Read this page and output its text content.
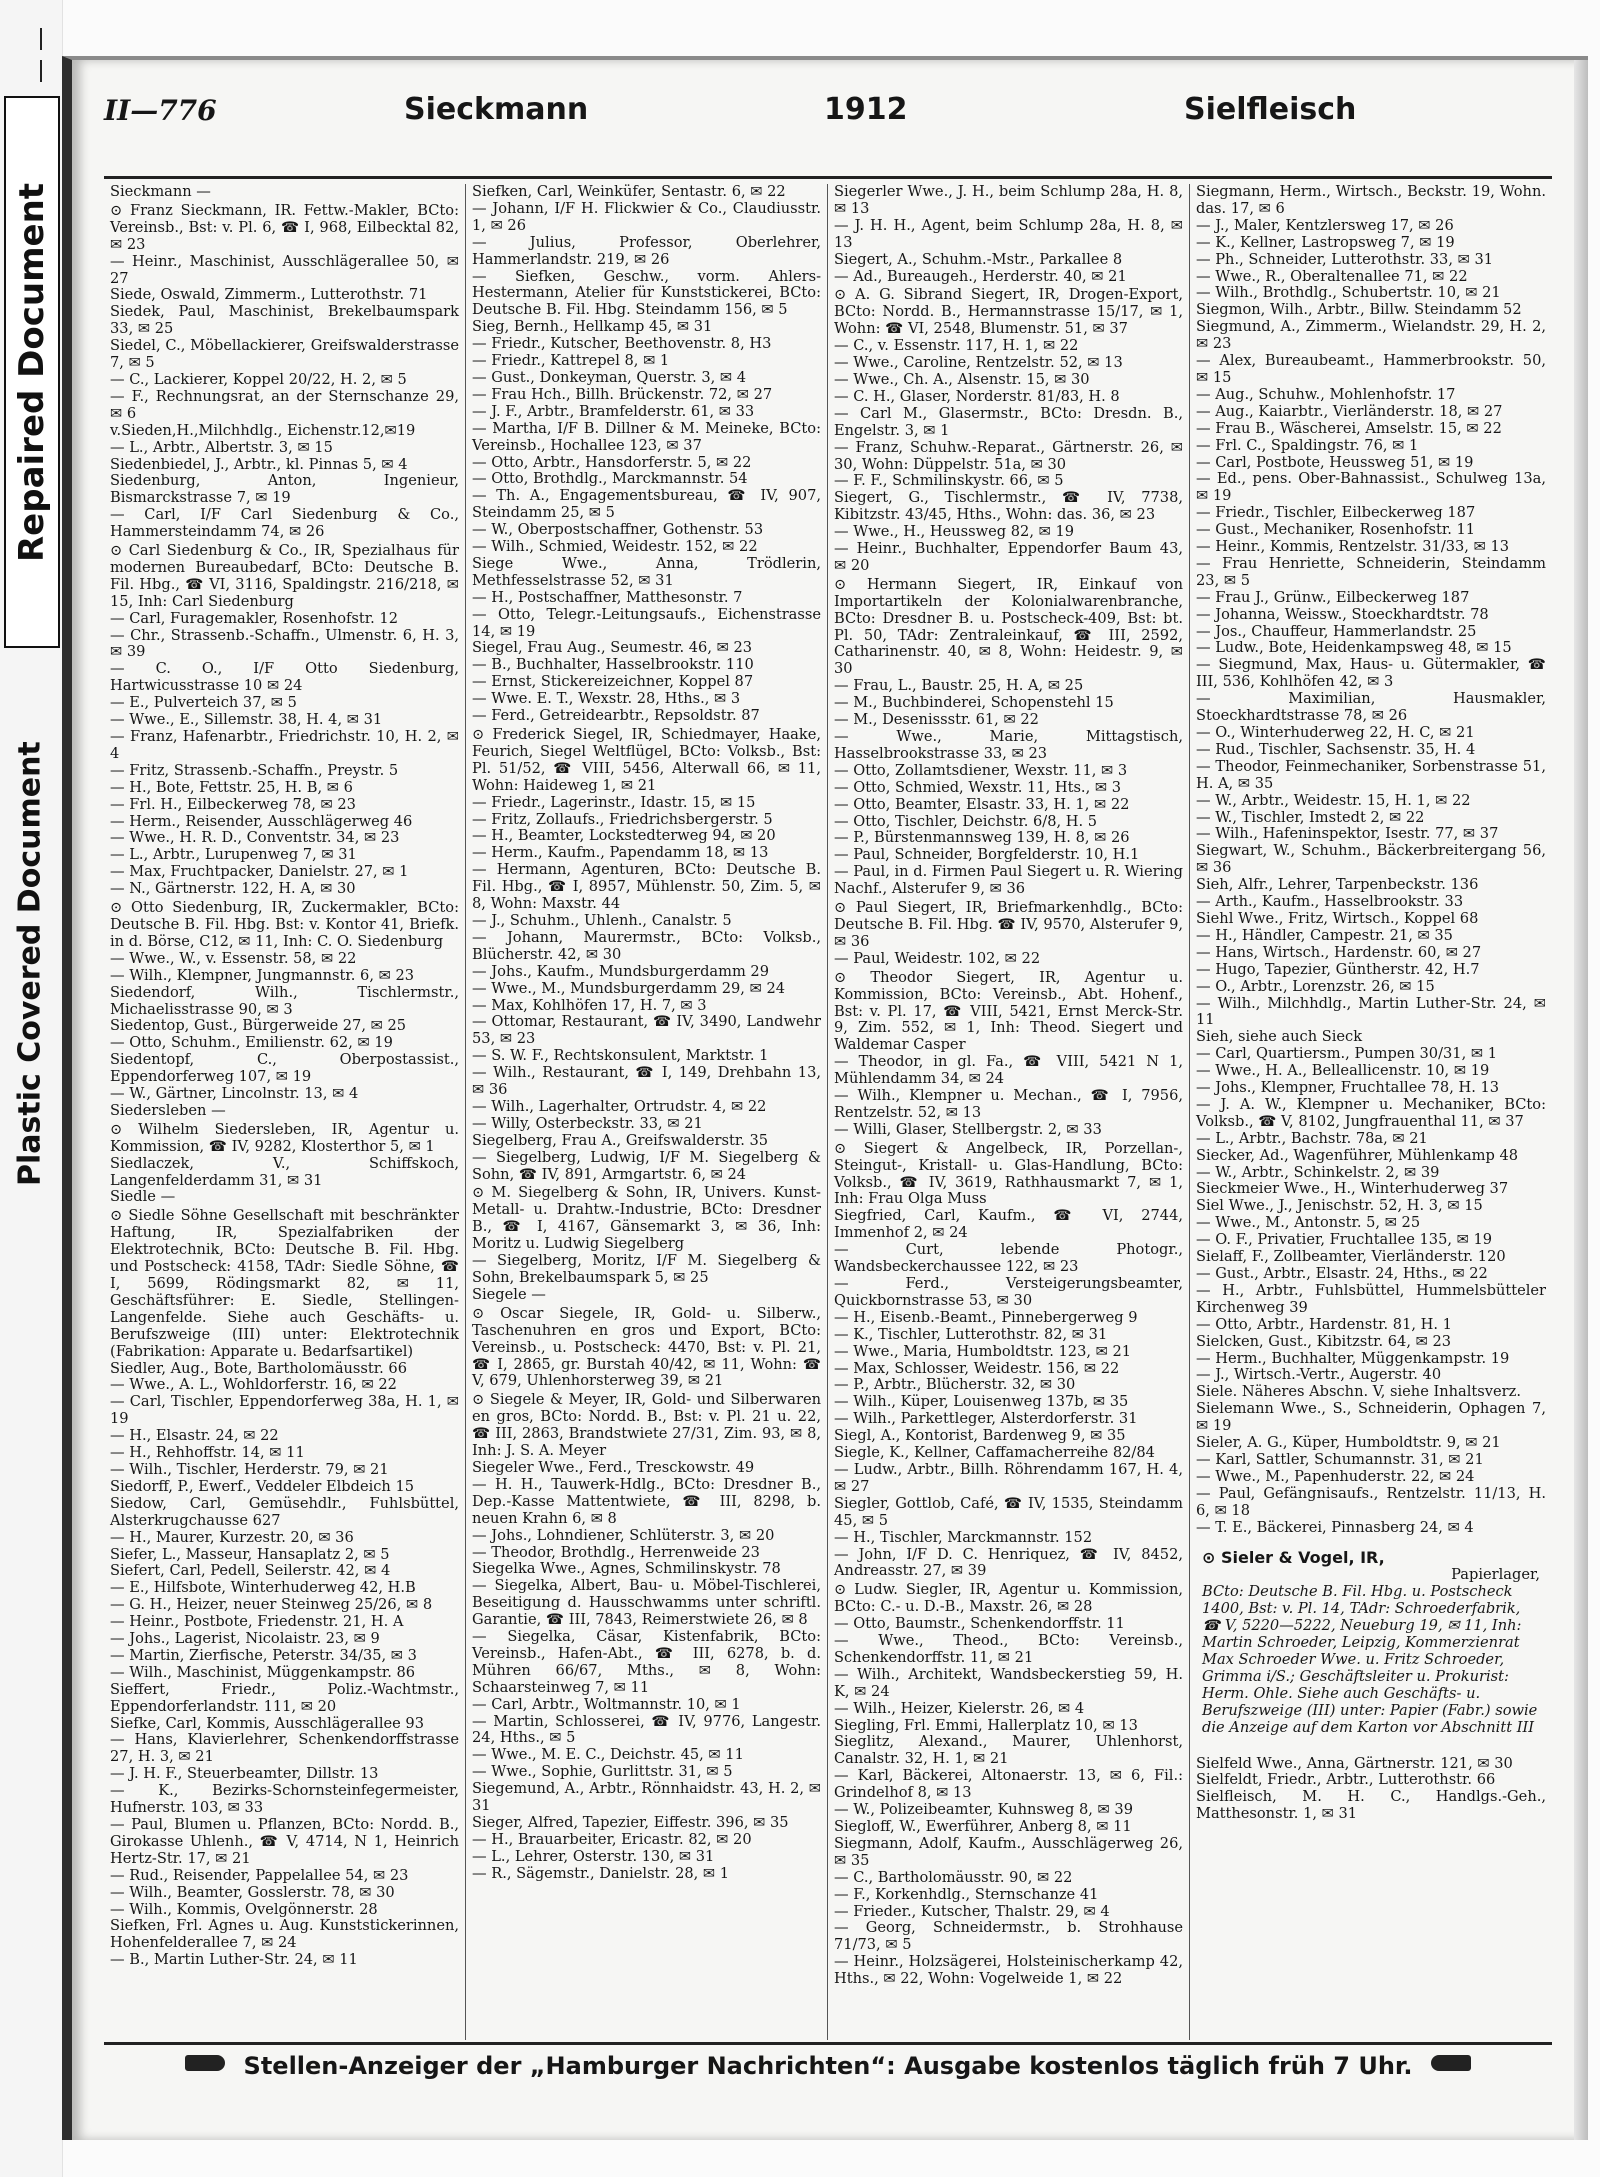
Repaired Document
Plastic Covered Document
II—776	Sieckmann	1912	Sielfleisch

Sieckmann —

⊙ Franz Sieckmann, IR. Fettw.-Makler, BCto: Vereinsb., Bst: v. Pl. 6, ☎ I, 968, Eilbecktal 82, ✉ 23

— Heinr., Maschinist, Ausschlägerallee 50, ✉ 27

Siede, Oswald, Zimmerm., Lutterothstr. 71

Siedek, Paul, Maschinist, Brekelbaumspark 33, ✉ 25

Siedel, C., Möbellackierer, Greifswalderstrasse 7, ✉ 5

— C., Lackierer, Koppel 20/22, H. 2, ✉ 5

— F., Rechnungsrat, an der Sternschanze 29, ✉ 6

v.Sieden,H.,Milchhdlg., Eichenstr.12,✉19

— L., Arbtr., Albertstr. 3, ✉ 15

Siedenbiedel, J., Arbtr., kl. Pinnas 5, ✉ 4

Siedenburg, Anton, Ingenieur, Bismarckstrasse 7, ✉ 19

— Carl, I/F Carl Siedenburg & Co., Hammersteindamm 74, ✉ 26

⊙ Carl Siedenburg & Co., IR, Spezialhaus für modernen Bureaubedarf, BCto: Deutsche B. Fil. Hbg., ☎ VI, 3116, Spaldingstr. 216/218, ✉ 15, Inh: Carl Siedenburg

— Carl, Furagemakler, Rosenhofstr. 12

— Chr., Strassenb.-Schaffn., Ulmenstr. 6, H. 3, ✉ 39

— C. O., I/F Otto Siedenburg, Hartwicusstrasse 10 ✉ 24

— E., Pulverteich 37, ✉ 5

— Wwe., E., Sillemstr. 38, H. 4, ✉ 31

— Franz, Hafenarbtr., Friedrichstr. 10, H. 2, ✉ 4

— Fritz, Strassenb.-Schaffn., Preystr. 5

— H., Bote, Fettstr. 25, H. B, ✉ 6

— Frl. H., Eilbeckerweg 78, ✉ 23

— Herm., Reisender, Ausschlägerweg 46

— Wwe., H. R. D., Conventstr. 34, ✉ 23

— L., Arbtr., Lurupenweg 7, ✉ 31

— Max, Fruchtpacker, Danielstr. 27, ✉ 1

— N., Gärtnerstr. 122, H. A, ✉ 30

⊙ Otto Siedenburg, IR, Zuckermakler, BCto: Deutsche B. Fil. Hbg. Bst: v. Kontor 41, Briefk. in d. Börse, C12, ✉ 11, Inh: C. O. Siedenburg

— Wwe., W., v. Essenstr. 58, ✉ 22

— Wilh., Klempner, Jungmannstr. 6, ✉ 23

Siedendorf, Wilh., Tischlermstr., Michaelisstrasse 90, ✉ 3

Siedentop, Gust., Bürgerweide 27, ✉ 25

— Otto, Schuhm., Emilienstr. 62, ✉ 19

Siedentopf, C., Oberpostassist., Eppendorferweg 107, ✉ 19

— W., Gärtner, Lincolnstr. 13, ✉ 4

Siedersleben —

⊙ Wilhelm Siedersleben, IR, Agentur u. Kommission, ☎ IV, 9282, Klosterthor 5, ✉ 1

Siedlaczek, V., Schiffskoch, Langenfelderdamm 31, ✉ 31

Siedle —

⊙ Siedle Söhne Gesellschaft mit beschränkter Haftung, IR, Spezialfabriken der Elektrotechnik, BCto: Deutsche B. Fil. Hbg. und Postscheck: 4158, TAdr: Siedle Söhne, ☎ I, 5699, Rödingsmarkt 82, ✉ 11, Geschäftsführer: E. Siedle, Stellingen-Langenfelde. Siehe auch Geschäfts- u. Berufszweige (III) unter: Elektrotechnik (Fabrikation: Apparate u. Bedarfsartikel)

Siedler, Aug., Bote, Bartholomäusstr. 66

— Wwe., A. L., Wohldorferstr. 16, ✉ 22

— Carl, Tischler, Eppendorferweg 38a, H. 1, ✉ 19

— H., Elsastr. 24, ✉ 22

— H., Rehhoffstr. 14, ✉ 11

— Wilh., Tischler, Herderstr. 79, ✉ 21

Siedorff, P., Ewerf., Veddeler Elbdeich 15

Siedow, Carl, Gemüsehdlr., Fuhlsbüttel, Alsterkrugchausse 627

— H., Maurer, Kurzestr. 20, ✉ 36

Siefer, L., Masseur, Hansaplatz 2, ✉ 5

Siefert, Carl, Pedell, Seilerstr. 42, ✉ 4

— E., Hilfsbote, Winterhuderweg 42, H.B

— G. H., Heizer, neuer Steinweg 25/26, ✉ 8

— Heinr., Postbote, Friedenstr. 21, H. A

— Johs., Lagerist, Nicolaistr. 23, ✉ 9

— Martin, Zierfische, Peterstr. 34/35, ✉ 3

— Wilh., Maschinist, Müggenkampstr. 86

Sieffert, Friedr., Poliz.-Wachtmstr., Eppendorferlandstr. 111, ✉ 20

Siefke, Carl, Kommis, Ausschlägerallee 93

— Hans, Klavierlehrer, Schenkendorffstrasse 27, H. 3, ✉ 21

— J. H. F., Steuerbeamter, Dillstr. 13

— K., Bezirks-Schornsteinfegermeister, Hufnerstr. 103, ✉ 33

— Paul, Blumen u. Pflanzen, BCto: Nordd. B., Girokasse Uhlenh., ☎ V, 4714, N 1, Heinrich Hertz-Str. 17, ✉ 21

— Rud., Reisender, Pappelallee 54, ✉ 23

— Wilh., Beamter, Gosslerstr. 78, ✉ 30

— Wilh., Kommis, Ovelgönnerstr. 28

Siefken, Frl. Agnes u. Aug. Kunststickerinnen, Hohenfelderallee 7, ✉ 24

— B., Martin Luther-Str. 24, ✉ 11

Siefken, Carl, Weinküfer, Sentastr. 6, ✉ 22

— Johann, I/F H. Flickwier & Co., Claudiusstr. 1, ✉ 26

— Julius, Professor, Oberlehrer, Hammerlandstr. 219, ✉ 26

— Siefken, Geschw., vorm. Ahlers-Hestermann, Atelier für Kunststickerei, BCto: Deutsche B. Fil. Hbg. Steindamm 156, ✉ 5

Sieg, Bernh., Hellkamp 45, ✉ 31

— Friedr., Kutscher, Beethovenstr. 8, H3

— Friedr., Kattrepel 8, ✉ 1

— Gust., Donkeyman, Querstr. 3, ✉ 4

— Frau Hch., Billh. Brückenstr. 72, ✉ 27

— J. F., Arbtr., Bramfelderstr. 61, ✉ 33

— Martha, I/F B. Dillner & M. Meineke, BCto: Vereinsb., Hochallee 123, ✉ 37

— Otto, Arbtr., Hansdorferstr. 5, ✉ 22

— Otto, Brothdlg., Marckmannstr. 54

— Th. A., Engagementsbureau, ☎ IV, 907, Steindamm 25, ✉ 5

— W., Oberpostschaffner, Gothenstr. 53

— Wilh., Schmied, Weidestr. 152, ✉ 22

Siege Wwe., Anna, Trödlerin, Methfesselstrasse 52, ✉ 31

— H., Postschaffner, Matthesonstr. 7

— Otto, Telegr.-Leitungsaufs., Eichenstrasse 14, ✉ 19

Siegel, Frau Aug., Seumestr. 46, ✉ 23

— B., Buchhalter, Hasselbrookstr. 110

— Ernst, Stickereizeichner, Koppel 87

— Wwe. E. T., Wexstr. 28, Hths., ✉ 3

— Ferd., Getreidearbtr., Repsoldstr. 87

⊙ Frederick Siegel, IR, Schiedmayer, Haake, Feurich, Siegel Weltflügel, BCto: Volksb., Bst: Pl. 51/52, ☎ VIII, 5456, Alterwall 66, ✉ 11, Wohn: Haideweg 1, ✉ 21

— Friedr., Lagerinstr., Idastr. 15, ✉ 15

— Fritz, Zollaufs., Friedrichsbergerstr. 5

— H., Beamter, Lockstedterweg 94, ✉ 20

— Herm., Kaufm., Papendamm 18, ✉ 13

— Hermann, Agenturen, BCto: Deutsche B. Fil. Hbg., ☎ I, 8957, Mühlenstr. 50, Zim. 5, ✉ 8, Wohn: Maxstr. 44

— J., Schuhm., Uhlenh., Canalstr. 5

— Johann, Maurermstr., BCto: Volksb., Blücherstr. 42, ✉ 30

— Johs., Kaufm., Mundsburgerdamm 29

— Wwe., M., Mundsburgerdamm 29, ✉ 24

— Max, Kohlhöfen 17, H. 7, ✉ 3

— Ottomar, Restaurant, ☎ IV, 3490, Landwehr 53, ✉ 23

— S. W. F., Rechtskonsulent, Marktstr. 1

— Wilh., Restaurant, ☎ I, 149, Drehbahn 13, ✉ 36

— Wilh., Lagerhalter, Ortrudstr. 4, ✉ 22

— Willy, Osterbeckstr. 33, ✉ 21

Siegelberg, Frau A., Greifswalderstr. 35

— Siegelberg, Ludwig, I/F M. Siegelberg & Sohn, ☎ IV, 891, Armgartstr. 6, ✉ 24

⊙ M. Siegelberg & Sohn, IR, Univers. Kunst-Metall- u. Drahtw.-Industrie, BCto: Dresdner B., ☎ I, 4167, Gänsemarkt 3, ✉ 36, Inh: Moritz u. Ludwig Siegelberg

— Siegelberg, Moritz, I/F M. Siegelberg & Sohn, Brekelbaumspark 5, ✉ 25

Siegele —

⊙ Oscar Siegele, IR, Gold- u. Silberw., Taschenuhren en gros und Export, BCto: Vereinsb., u. Postscheck: 4470, Bst: v. Pl. 21, ☎ I, 2865, gr. Burstah 40/42, ✉ 11, Wohn: ☎ V, 679, Uhlenhorsterweg 39, ✉ 21

⊙ Siegele & Meyer, IR, Gold- und Silberwaren en gros, BCto: Nordd. B., Bst: v. Pl. 21 u. 22, ☎ III, 2863, Brandstwiete 27/31, Zim. 93, ✉ 8, Inh: J. S. A. Meyer

Siegeler Wwe., Ferd., Tresckowstr. 49

— H. H., Tauwerk-Hdlg., BCto: Dresdner B., Dep.-Kasse Mattentwiete, ☎ III, 8298, b. neuen Krahn 6, ✉ 8

— Johs., Lohndiener, Schlüterstr. 3, ✉ 20

— Theodor, Brothdlg., Herrenweide 23

Siegelka Wwe., Agnes, Schmilinskystr. 78

— Siegelka, Albert, Bau- u. Möbel-Tischlerei, Beseitigung d. Hausschwamms unter schriftl. Garantie, ☎ III, 7843, Reimerstwiete 26, ✉ 8

— Siegelka, Cäsar, Kistenfabrik, BCto: Vereinsb., Hafen-Abt., ☎ III, 6278, b. d. Mühren 66/67, Mths., ✉ 8, Wohn: Schaarsteinweg 7, ✉ 11

— Carl, Arbtr., Woltmannstr. 10, ✉ 1

— Martin, Schlosserei, ☎ IV, 9776, Langestr. 24, Hths., ✉ 5

— Wwe., M. E. C., Deichstr. 45, ✉ 11

— Wwe., Sophie, Gurlittstr. 31, ✉ 5

Siegemund, A., Arbtr., Rönnhaidstr. 43, H. 2, ✉ 31

Sieger, Alfred, Tapezier, Eiffestr. 396, ✉ 35

— H., Brauarbeiter, Ericastr. 82, ✉ 20

— L., Lehrer, Osterstr. 130, ✉ 31

— R., Sägemstr., Danielstr. 28, ✉ 1

Siegerler Wwe., J. H., beim Schlump 28a, H. 8, ✉ 13

— J. H. H., Agent, beim Schlump 28a, H. 8, ✉ 13

Siegert, A., Schuhm.-Mstr., Parkallee 8

— Ad., Bureaugeh., Herderstr. 40, ✉ 21

⊙ A. G. Sibrand Siegert, IR, Drogen-Export, BCto: Nordd. B., Hermannstrasse 15/17, ✉ 1, Wohn: ☎ VI, 2548, Blumenstr. 51, ✉ 37

— C., v. Essenstr. 117, H. 1, ✉ 22

— Wwe., Caroline, Rentzelstr. 52, ✉ 13

— Wwe., Ch. A., Alsenstr. 15, ✉ 30

— C. H., Glaser, Norderstr. 81/83, H. 8

— Carl M., Glasermstr., BCto: Dresdn. B., Engelstr. 3, ✉ 1

— Franz, Schuhw.-Reparat., Gärtnerstr. 26, ✉ 30, Wohn: Düppelstr. 51a, ✉ 30

— F. F., Schmilinskystr. 66, ✉ 5

Siegert, G., Tischlermstr., ☎ IV, 7738, Kibitzstr. 43/45, Hths., Wohn: das. 36, ✉ 23

— Wwe., H., Heussweg 82, ✉ 19

— Heinr., Buchhalter, Eppendorfer Baum 43, ✉ 20

⊙ Hermann Siegert, IR, Einkauf von Importartikeln der Kolonialwarenbranche, BCto: Dresdner B. u. Postscheck-409, Bst: bt. Pl. 50, TAdr: Zentraleinkauf, ☎ III, 2592, Catharinenstr. 40, ✉ 8, Wohn: Heidestr. 9, ✉ 30

— Frau, L., Baustr. 25, H. A, ✉ 25

— M., Buchbinderei, Schopenstehl 15

— M., Desenissstr. 61, ✉ 22

— Wwe., Marie, Mittagstisch, Hasselbrookstrasse 33, ✉ 23

— Otto, Zollamtsdiener, Wexstr. 11, ✉ 3

— Otto, Schmied, Wexstr. 11, Hts., ✉ 3

— Otto, Beamter, Elsastr. 33, H. 1, ✉ 22

— Otto, Tischler, Deichstr. 6/8, H. 5

— P., Bürstenmannsweg 139, H. 8, ✉ 26

— Paul, Schneider, Borgfelderstr. 10, H.1

— Paul, in d. Firmen Paul Siegert u. R. Wiering Nachf., Alsterufer 9, ✉ 36

⊙ Paul Siegert, IR, Briefmarkenhdlg., BCto: Deutsche B. Fil. Hbg. ☎ IV, 9570, Alsterufer 9, ✉ 36

— Paul, Weidestr. 102, ✉ 22

⊙ Theodor Siegert, IR, Agentur u. Kommission, BCto: Vereinsb., Abt. Hohenf., Bst: v. Pl. 17, ☎ VIII, 5421, Ernst Merck-Str. 9, Zim. 552, ✉ 1, Inh: Theod. Siegert und Waldemar Casper

— Theodor, in gl. Fa., ☎ VIII, 5421 N 1, Mühlendamm 34, ✉ 24

— Wilh., Klempner u. Mechan., ☎ I, 7956, Rentzelstr. 52, ✉ 13

— Willi, Glaser, Stellbergstr. 2, ✉ 33

⊙ Siegert & Angelbeck, IR, Porzellan-, Steingut-, Kristall- u. Glas-Handlung, BCto: Volksb., ☎ IV, 3619, Rathhausmarkt 7, ✉ 1, Inh: Frau Olga Muss

Siegfried, Carl, Kaufm., ☎ VI, 2744, Immenhof 2, ✉ 24

— Curt, lebende Photogr., Wandsbeckerchaussee 122, ✉ 23

— Ferd., Versteigerungsbeamter, Quickbornstrasse 53, ✉ 30

— H., Eisenb.-Beamt., Pinnebergerweg 9

— K., Tischler, Lutterothstr. 82, ✉ 31

— Wwe., Maria, Humboldtstr. 123, ✉ 21

— Max, Schlosser, Weidestr. 156, ✉ 22

— P., Arbtr., Blücherstr. 32, ✉ 30

— Wilh., Küper, Louisenweg 137b, ✉ 35

— Wilh., Parkettleger, Alsterdorferstr. 31

Siegl, A., Kontorist, Bardenweg 9, ✉ 35

Siegle, K., Kellner, Caffamacherreihe 82/84

— Ludw., Arbtr., Billh. Röhrendamm 167, H. 4, ✉ 27

Siegler, Gottlob, Café, ☎ IV, 1535, Steindamm 45, ✉ 5

— H., Tischler, Marckmannstr. 152

— John, I/F D. C. Henriquez, ☎ IV, 8452, Andreasstr. 27, ✉ 39

⊙ Ludw. Siegler, IR, Agentur u. Kommission, BCto: C.- u. D.-B., Maxstr. 26, ✉ 28

— Otto, Baumstr., Schenkendorffstr. 11

— Wwe., Theod., BCto: Vereinsb., Schenkendorffstr. 11, ✉ 21

— Wilh., Architekt, Wandsbeckerstieg 59, H. K, ✉ 24

— Wilh., Heizer, Kielerstr. 26, ✉ 4

Siegling, Frl. Emmi, Hallerplatz 10, ✉ 13

Sieglitz, Alexand., Maurer, Uhlenhorst, Canalstr. 32, H. 1, ✉ 21

— Karl, Bäckerei, Altonaerstr. 13, ✉ 6, Fil.: Grindelhof 8, ✉ 13

— W., Polizeibeamter, Kuhnsweg 8, ✉ 39

Siegloff, W., Ewerführer, Anberg 8, ✉ 11

Siegmann, Adolf, Kaufm., Ausschlägerweg 26, ✉ 35

— C., Bartholomäusstr. 90, ✉ 22

— F., Korkenhdlg., Sternschanze 41

— Frieder., Kutscher, Thalstr. 29, ✉ 4

— Georg, Schneidermstr., b. Strohhause 71/73, ✉ 5

— Heinr., Holzsägerei, Holsteinischerkamp 42, Hths., ✉ 22, Wohn: Vogelweide 1, ✉ 22

Siegmann, Herm., Wirtsch., Beckstr. 19, Wohn. das. 17, ✉ 6

— J., Maler, Kentzlersweg 17, ✉ 26

— K., Kellner, Lastropsweg 7, ✉ 19

— Ph., Schneider, Lutterothstr. 33, ✉ 31

— Wwe., R., Oberaltenallee 71, ✉ 22

— Wilh., Brothdlg., Schubertstr. 10, ✉ 21

Siegmon, Wilh., Arbtr., Billw. Steindamm 52

Siegmund, A., Zimmerm., Wielandstr. 29, H. 2, ✉ 23

— Alex, Bureaubeamt., Hammerbrookstr. 50, ✉ 15

— Aug., Schuhw., Mohlenhofstr. 17

— Aug., Kaiarbtr., Vierländerstr. 18, ✉ 27

— Frau B., Wäscherei, Amselstr. 15, ✉ 22

— Frl. C., Spaldingstr. 76, ✉ 1

— Carl, Postbote, Heussweg 51, ✉ 19

— Ed., pens. Ober-Bahnassist., Schulweg 13a, ✉ 19

— Friedr., Tischler, Eilbeckerweg 187

— Gust., Mechaniker, Rosenhofstr. 11

— Heinr., Kommis, Rentzelstr. 31/33, ✉ 13

— Frau Henriette, Schneiderin, Steindamm 23, ✉ 5

— Frau J., Grünw., Eilbeckerweg 187

— Johanna, Weissw., Stoeckhardtstr. 78

— Jos., Chauffeur, Hammerlandstr. 25

— Ludw., Bote, Heidenkampsweg 48, ✉ 15

— Siegmund, Max, Haus- u. Gütermakler, ☎ III, 536, Kohlhöfen 42, ✉ 3

— Maximilian, Hausmakler, Stoeckhardtstrasse 78, ✉ 26

— O., Winterhuderweg 22, H. C, ✉ 21

— Rud., Tischler, Sachsenstr. 35, H. 4

— Theodor, Feinmechaniker, Sorbenstrasse 51, H. A, ✉ 35

— W., Arbtr., Weidestr. 15, H. 1, ✉ 22

— W., Tischler, Imstedt 2, ✉ 22

— Wilh., Hafeninspektor, Isestr. 77, ✉ 37

Siegwart, W., Schuhm., Bäckerbreitergang 56, ✉ 36

Sieh, Alfr., Lehrer, Tarpenbeckstr. 136

— Arth., Kaufm., Hasselbrookstr. 33

Siehl Wwe., Fritz, Wirtsch., Koppel 68

— H., Händler, Campestr. 21, ✉ 35

— Hans, Wirtsch., Hardenstr. 60, ✉ 27

— Hugo, Tapezier, Güntherstr. 42, H.7

— O., Arbtr., Lorenzstr. 26, ✉ 15

— Wilh., Milchhdlg., Martin Luther-Str. 24, ✉ 11

Sieh, siehe auch Sieck

— Carl, Quartiersm., Pumpen 30/31, ✉ 1

— Wwe., H. A., Belleallicenstr. 10, ✉ 19

— Johs., Klempner, Fruchtallee 78, H. 13

— J. A. W., Klempner u. Mechaniker, BCto: Volksb., ☎ V, 8102, Jungfrauenthal 11, ✉ 37

— L., Arbtr., Bachstr. 78a, ✉ 21

Siecker, Ad., Wagenführer, Mühlenkamp 48

— W., Arbtr., Schinkelstr. 2, ✉ 39

Sieckmeier Wwe., H., Winterhuderweg 37

Siel Wwe., J., Jenischstr. 52, H. 3, ✉ 15

— Wwe., M., Antonstr. 5, ✉ 25

— O. F., Privatier, Fruchtallee 135, ✉ 19

Sielaff, F., Zollbeamter, Vierländerstr. 120

— Gust., Arbtr., Elsastr. 24, Hths., ✉ 22

— H., Arbtr., Fuhlsbüttel, Hummelsbütteler Kirchenweg 39

— Otto, Arbtr., Hardenstr. 81, H. 1

Sielcken, Gust., Kibitzstr. 64, ✉ 23

— Herm., Buchhalter, Müggenkampstr. 19

— J., Wirtsch.-Vertr., Augerstr. 40

Siele. Näheres Abschn. V, siehe Inhaltsverz.

Sielemann Wwe., S., Schneiderin, Ophagen 7, ✉ 19

Sieler, A. G., Küper, Humboldtstr. 9, ✉ 21

— Karl, Sattler, Schumannstr. 31, ✉ 21

— Wwe., M., Papenhuderstr. 22, ✉ 24

— Paul, Gefängnisaufs., Rentzelstr. 11/13, H. 6, ✉ 18

— T. E., Bäckerei, Pinnasberg 24, ✉ 4

⊙ Sieler & Vogel, IR,
Papierlager,
BCto: Deutsche B. Fil. Hbg. u. Postscheck 1400, Bst: v. Pl. 14, TAdr: Schroederfabrik, ☎ V, 5220—5222, Neueburg 19, ✉ 11, Inh: Martin Schroeder, Leipzig, Kommerzienrat Max Schroeder Wwe. u. Fritz Schroeder, Grimma i/S.; Geschäftsleiter u. Prokurist: Herm. Ohle. Siehe auch Geschäfts- u. Berufszweige (III) unter: Papier (Fabr.) sowie die Anzeige auf dem Karton vor Abschnitt III

Sielfeld Wwe., Anna, Gärtnerstr. 121, ✉ 30

Sielfeldt, Friedr., Arbtr., Lutterothstr. 66

Sielfleisch, M. H. C., Handlgs.-Geh., Matthesonstr. 1, ✉ 31

Stellen-Anzeiger der „Hamburger Nachrichten“: Ausgabe kostenlos täglich früh 7 Uhr.
